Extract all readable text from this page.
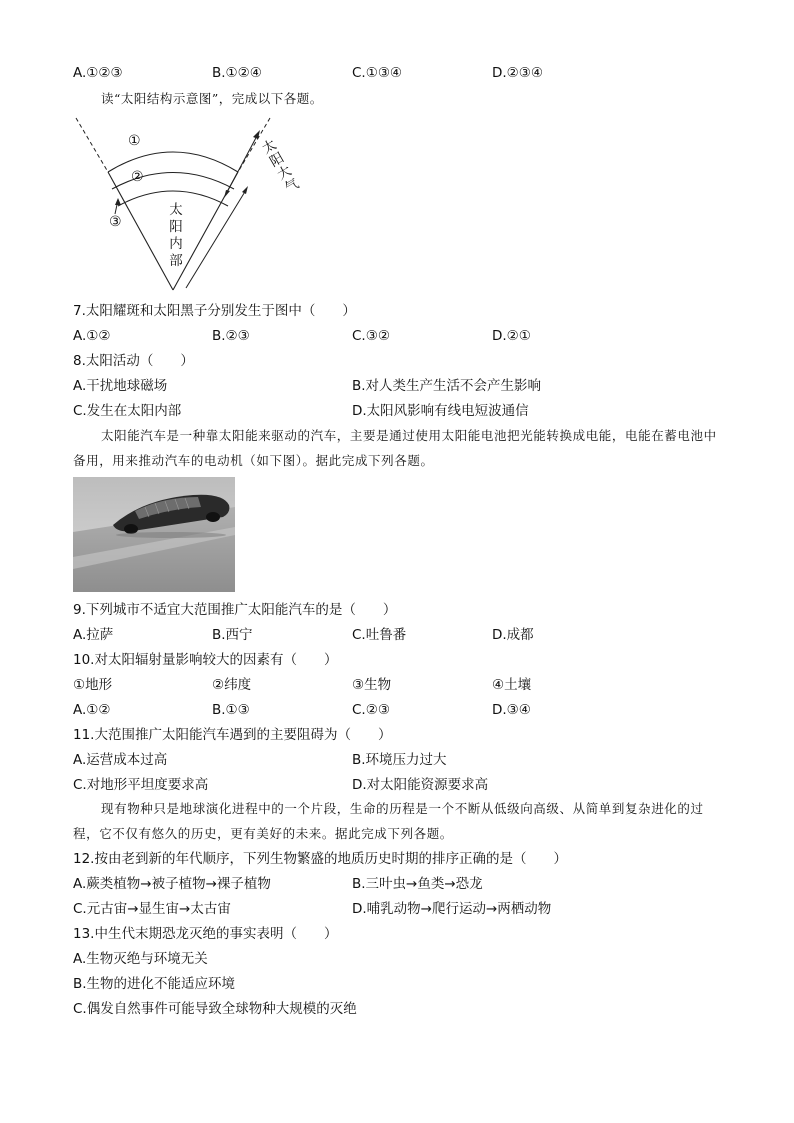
A.①②③	B.①②④	C.①③④	D.②③④
读“太阳结构示意图”，完成以下各题。
①
②
③
太
阳
内
部
太
阳
大
气
7.太阳耀斑和太阳黑子分别发生于图中（　　）
A.①②	B.②③	C.③②	D.②①
8.太阳活动（　　）
A.干扰地球磁场	B.对人类生产生活不会产生影响
C.发生在太阳内部	D.太阳风影响有线电短波通信
太阳能汽车是一种靠太阳能来驱动的汽车，主要是通过使用太阳能电池把光能转换成电能，电能在蓄电池中备用，用来推动汽车的电动机（如下图）。据此完成下列各题。
9.下列城市不适宜大范围推广太阳能汽车的是（　　）
A.拉萨	B.西宁	C.吐鲁番	D.成都
10.对太阳辐射量影响较大的因素有（　　）
①地形	②纬度	③生物	④土壤
A.①②	B.①③	C.②③	D.③④
11.大范围推广太阳能汽车遇到的主要阻碍为（　　）
A.运营成本过高	B.环境压力过大
C.对地形平坦度要求高	D.对太阳能资源要求高
现有物种只是地球演化进程中的一个片段，生命的历程是一个不断从低级向高级、从简单到复杂进化的过程，它不仅有悠久的历史，更有美好的未来。据此完成下列各题。
12.按由老到新的年代顺序，下列生物繁盛的地质历史时期的排序正确的是（　　）
A.蕨类植物→被子植物→裸子植物	B.三叶虫→鱼类→恐龙
C.元古宙→显生宙→太古宙	D.哺乳动物→爬行运动→两栖动物
13.中生代末期恐龙灭绝的事实表明（　　）
A.生物灭绝与环境无关
B.生物的进化不能适应环境
C.偶发自然事件可能导致全球物种大规模的灭绝
